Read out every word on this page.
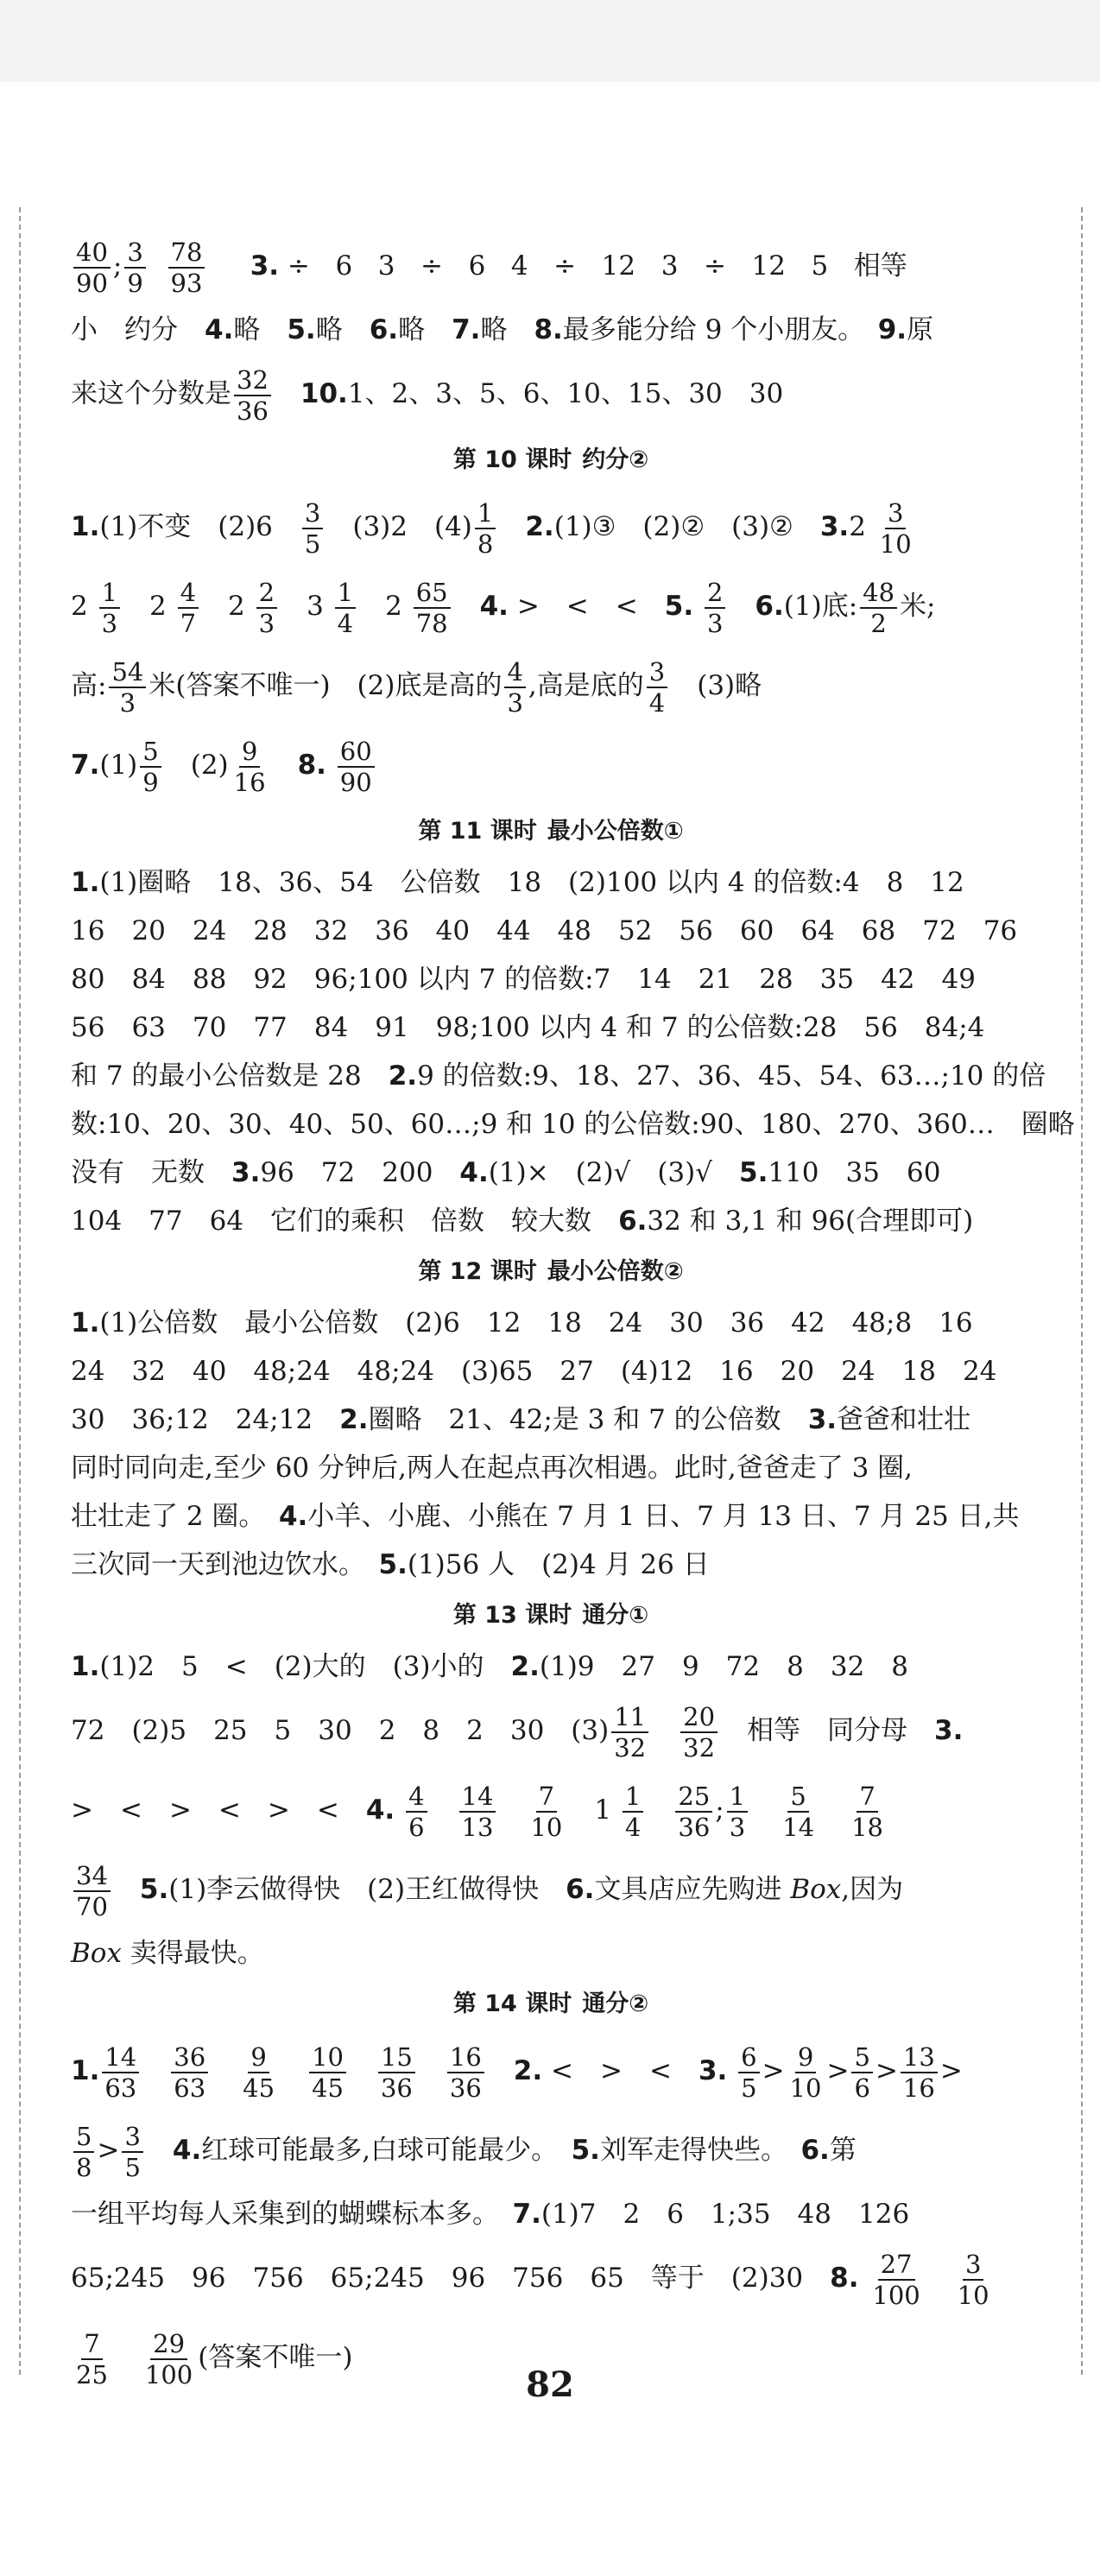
$\frac{40}{90}$ ; $\frac{3}{9}$
$\frac{78}{93} 3$. ÷   6   3   ÷   6   4   ÷   12   3   ÷   12   5   相等
小　约分　4.略　5.略　6.略　7.略　8.最多能分给 9 个小朋友。　9.原
来这个分数是 $\frac{32}{36}$
　 10.1、2、3、5、6、10、15、30　30
第 10 课时 约分②
1.(1)不变　(2)6　 $\frac{3}{5}$ 　(3)2　$(4) \frac{1}{8}$
　 2.(1)③　(2)②　(3)②　$3.2 \frac{3}{10}$
$2 \frac{1}{3}$ 　$2 \frac{4}{7}$ 　$2 \frac{2}{3}$ 　$3 \frac{1}{4}$ 　$2 \frac{65}{78}$
　 4. >　<　<　5. $\frac{2}{3}$
　 6.(1)底: $\frac{48}{2}$ 米;
高: $\frac{54}{3}$ 米(答案不唯一)　(2)底是高的 $\frac{4}{3}$ ,高是底的 $\frac{3}{4}$ 　(3)略
$7.(1) \frac{5}{9}$ 　$(2) \frac{9}{16}$
　 8. $\frac{60}{90}$
第 11 课时 最小公倍数①
1.(1)圈略　18、36、54　公倍数　18　(2)100 以内 4 的倍数:4　8　12
16　20　24　28　32　36　40　44　48　52　56　60　64　68　72　76
80　84　88　92　96;100 以内 7 的倍数:7　14　21　28　35　42　49
56　63　70　77　84　91　98;100 以内 4 和 7 的公倍数:28　56　84;4
和 7 的最小公倍数是 28　2.9 的倍数:9、18、27、36、45、54、63…;10 的倍
数:10、20、30、40、50、60…;9 和 10 的公倍数:90、180、270、360…　圈略
没有　无数　3.96　72　200　4.(1)×　(2)√　(3)√　5.110　35　60
104　77　64　它们的乘积　倍数　较大数　6.32 和 3,1 和 96(合理即可)
第 12 课时 最小公倍数②
1.(1)公倍数　最小公倍数　(2)6　12　18　24　30　36　42　48;8　16
24　32　40　48;24　48;24　(3)65　27　(4)12　16　20　24　18　24
30　36;12　24;12　2.圈略　21、42;是 3 和 7 的公倍数　3.爸爸和壮壮
同时同向走,至少 60 分钟后,两人在起点再次相遇。此时,爸爸走了 3 圈,
壮壮走了 2 圈。　4.小羊、小鹿、小熊在 7 月 1 日、7 月 13 日、7 月 25 日,共
三次同一天到池边饮水。　5.(1)56 人　(2)4 月 26 日
第 13 课时 通分①
1.(1)2　5　<　(2)大的　(3)小的　2.(1)9　27　9　72　8　32　8
72　(2)5　25　5　30　2　8　2　30　$(3) \frac{11}{32}$
　 $\frac{20}{32}$ 　相等　同分母　3.
>　<　>　<　>　<　4. $\frac{4}{6}$
　 $\frac{14}{13}$
　 $\frac{7}{10}$ 　$1 \frac{1}{4}$
　 $\frac{25}{36}$ ; $\frac{1}{3}$
　 $\frac{5}{14}$
　 $\frac{7}{18}$
$\frac{34}{70}$
　 5.(1)李云做得快　(2)王红做得快　6.文具店应先购进 Box,因为
Box 卖得最快。
第 14 课时 通分②
1. $\frac{14}{63}$
　 $\frac{36}{63}$
　 $\frac{9}{45}$
　 $\frac{10}{45}$
　 $\frac{15}{36}$
　 $\frac{16}{36}$
　 2. <　>　<　3. $\frac{6}{5} > \frac{9}{10} > \frac{5}{6} > \frac{13}{16}$ >
$\frac{5}{8} > \frac{3}{5}$
　 4.红球可能最多,白球可能最少。　5.刘军走得快些。　6.第
一组平均每人采集到的蝴蝶标本多。　7.(1)7　2　6　1;35　48　126
65;245　96　756　65;245　96　756　65　等于　(2)30　8. $\frac{27}{100}$
　 $\frac{3}{10}$
$\frac{7}{25}$
　 $\frac{29}{100}$ (答案不唯一)
82
